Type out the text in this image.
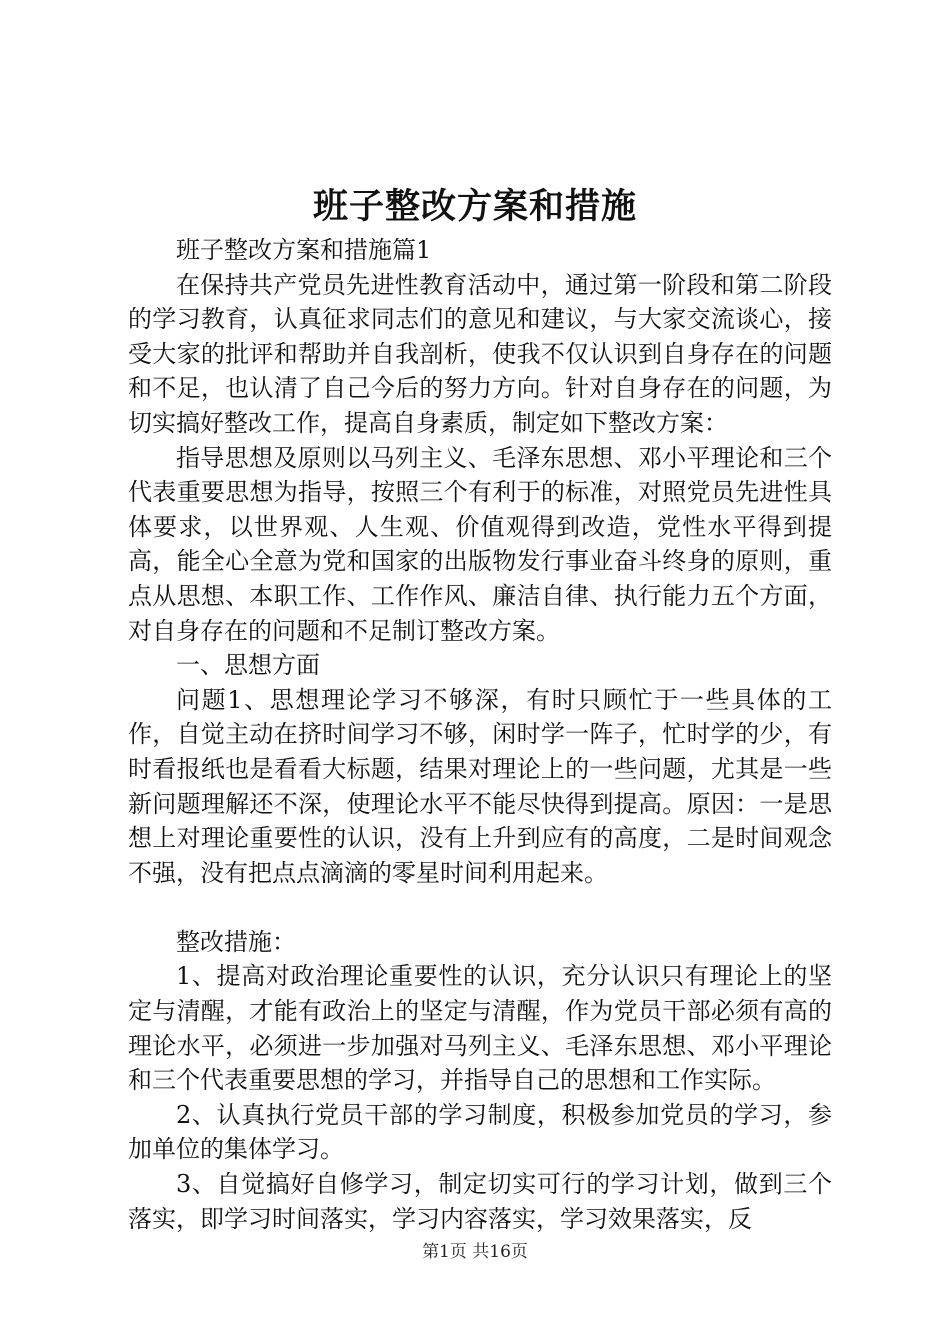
班子整改方案和措施

班子整改方案和措施篇1

在保持共产党员先进性教育活动中，通过第一阶段和第二阶段的学习教育，认真征求同志们的意见和建议，与大家交流谈心，接受大家的批评和帮助并自我剖析，使我不仅认识到自身存在的问题和不足，也认清了自己今后的努力方向。针对自身存在的问题，为切实搞好整改工作，提高自身素质，制定如下整改方案：

指导思想及原则以马列主义、毛泽东思想、邓小平理论和三个代表重要思想为指导，按照三个有利于的标准，对照党员先进性具体要求，以世界观、人生观、价值观得到改造，党性水平得到提高，能全心全意为党和国家的出版物发行事业奋斗终身的原则，重点从思想、本职工作、工作作风、廉洁自律、执行能力五个方面，对自身存在的问题和不足制订整改方案。

一、思想方面

问题1、思想理论学习不够深，有时只顾忙于一些具体的工作，自觉主动在挤时间学习不够，闲时学一阵子，忙时学的少，有时看报纸也是看看大标题，结果对理论上的一些问题，尤其是一些新问题理解还不深，使理论水平不能尽快得到提高。原因：一是思想上对理论重要性的认识，没有上升到应有的高度，二是时间观念不强，没有把点点滴滴的零星时间利用起来。

整改措施：

1、提高对政治理论重要性的认识，充分认识只有理论上的坚定与清醒，才能有政治上的坚定与清醒，作为党员干部必须有高的理论水平，必须进一步加强对马列主义、毛泽东思想、邓小平理论和三个代表重要思想的学习，并指导自己的思想和工作实际。

2、认真执行党员干部的学习制度，积极参加党员的学习，参加单位的集体学习。

3、自觉搞好自修学习，制定切实可行的学习计划，做到三个落实，即学习时间落实，学习内容落实，学习效果落实，反

第1页 共16页
